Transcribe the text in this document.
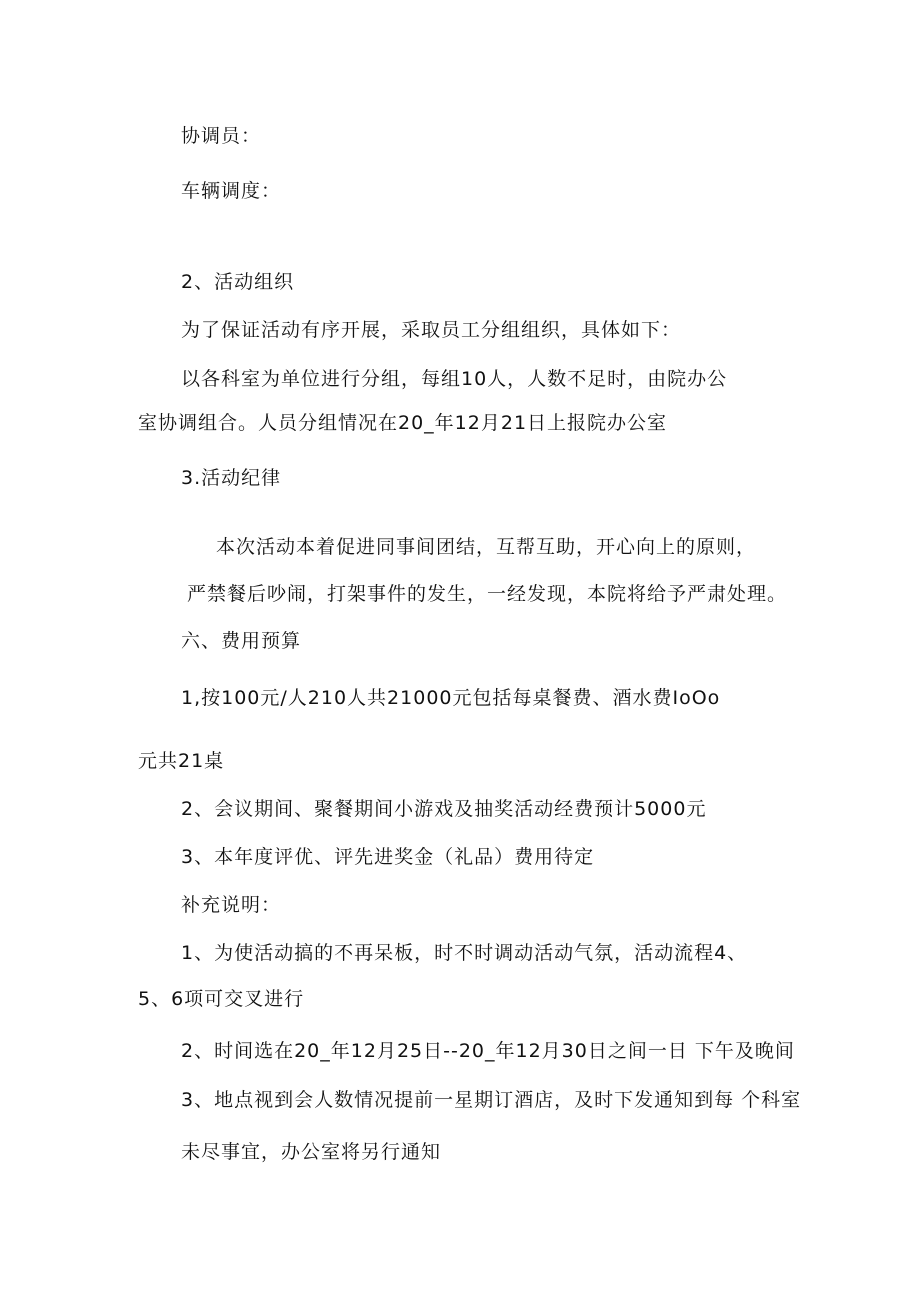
协调员：
车辆调度：
2、活动组织
为了保证活动有序开展，采取员工分组组织，具体如下：
以各科室为单位进行分组，每组10人，人数不足时，由院办公
室协调组合。人员分组情况在20_年12月21日上报院办公室
3.活动纪律
本次活动本着促进同事间团结，互帮互助，开心向上的原则，
严禁餐后吵闹，打架事件的发生，一经发现，本院将给予严肃处理。
六、费用预算
1,按100元/人210人共21000元包括每桌餐费、酒水费IoOo
元共21桌
2、会议期间、聚餐期间小游戏及抽奖活动经费预计5000元
3、本年度评优、评先进奖金（礼品）费用待定
补充说明：
1、为使活动搞的不再呆板，时不时调动活动气氛，活动流程4、
5、6项可交叉进行
2、时间选在20_年12月25日--20_年12月30日之间一日 下午及晚间
3、地点视到会人数情况提前一星期订酒店，及时下发通知到每 个科室
未尽事宜，办公室将另行通知
